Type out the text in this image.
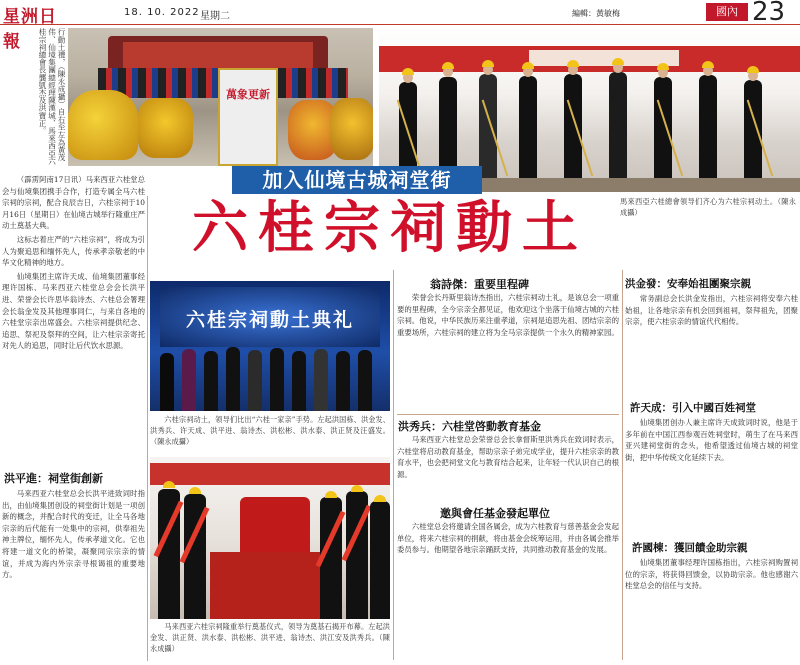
星洲日報
18. 10. 2022 星期二	編輯：黃敏梅	國內 23
萬象更新
行動土禮，（陳永成攝）自右至左為黃茂伟、仙境集團總經理陳漢城、馬來西亞六桂宗祠總會長龔凱杰及洪寶正。
馬來西亞六桂總會領导们齐心为六桂宗祠动土。（陳永成攝）
加入仙境古城祠堂街
六桂宗祠動土

（霹雳阿南17日讯）马来西亚六桂堂总会与仙境集团携手合作，打造专属全马六桂宗祠的宗祠，配合良辰吉日，六桂宗祠于10月16日（星期日）在仙境古城举行隆重庄严动土奠基大典。

这标志着庄严的“六桂宗祠”，将成为引人为聚追思和缅怀先人，传承孝亲敬老的中华文化精神的地方。

仙境集团主席许天成、仙境集团董事经理许国栋、马来西亚六桂堂总会会长洪平进、荣誉会长许思毕翁诗杰、六桂总会署理会长翁金发及其他理事同仁，与来自各地的六桂堂宗亲出席盛会。六桂宗祠提供纪念、追思、祭祀及祭拜的空间，让六桂宗亲寄托对先人的追思，同时让后代饮水思源。

洪平進：祠堂街創新

马来西亚六桂堂总会长洪平进致词时指出，由仙境集团创设的祠堂街计划是一项创新的概念，并配合时代的变迁，让全马各地宗亲的后代能有一处集中的宗祠，供奉祖先神主牌位，缅怀先人，传承孝道文化。它也将建一道文化的桥梁，凝聚同宗宗亲的情谊，并成为海内外宗亲寻根谒祖的重要地方。

六桂宗祠動土典礼
六桂宗祠动土，领导们比出“六桂一家亲”手势。左起洪国栋、洪金发、洪秀兵、许天成、洪平进、翁诗杰、洪松彬、洪水泰、洪正贤及汪盛发。（陳永成攝）
马来西亚六桂宗祠隆重举行奠基仪式，领导为奠基石揭开布幕。左起洪金发、洪正贤、洪水泰、洪松彬、洪平进、翁诗杰、洪江安及洪秀兵。（陳永成攝）
翁詩傑：重要里程碑

荣誉会长丹斯里翁诗杰指出，六桂宗祠动土礼，是该总会一项重要的里程碑，全今宗亲全都见证，他欢迎这个坐落于仙境古城的六桂宗祠。他说，中华民族历来注重孝道，宗祠是追思先祖、团结宗亲的重要场所，六桂宗祠的建立将为全马宗亲提供一个永久的精神家园。

洪秀兵：六桂堂啓動教育基金

马来西亚六桂堂总会荣誉总会长拿督斯里洪秀兵在致词时表示，六桂堂将启动教育基金，帮助宗亲子弟完成学业，提升六桂宗亲的教育水平，也会把祠堂文化与教育结合起来，让年轻一代认识自己的根源。

邀與會任基金發起單位

六桂堂总会将邀请全国各属会，成为六桂教育与慈善基金会发起单位，将来六桂宗祠的捐献，将由基金会统筹运用，并由各属会推举委员参与。他期望各地宗亲踊跃支持，共同推动教育基金的发展。

洪金發：安奉始祖團聚宗親

常务副总会长洪金发指出，六桂宗祠将安奉六桂始祖，让各地宗亲有机会回到祖祠，祭拜祖先，团聚宗亲，使六桂宗亲的情谊代代相传。

許天成：引入中國百姓祠堂

仙境集团创办人兼主席许天成致词时说，他是于多年前在中国江西参观百姓祠堂时，萌生了在马来西亚兴建祠堂街的念头，他希望透过仙境古城的祠堂街，把中华传统文化延续下去。

許國棟：獲回饋金助宗親

仙境集团董事经理许国栋指出，六桂宗祠购置祠位的宗亲，将获得回馈金，以协助宗亲。他也感谢六桂堂总会的信任与支持。
